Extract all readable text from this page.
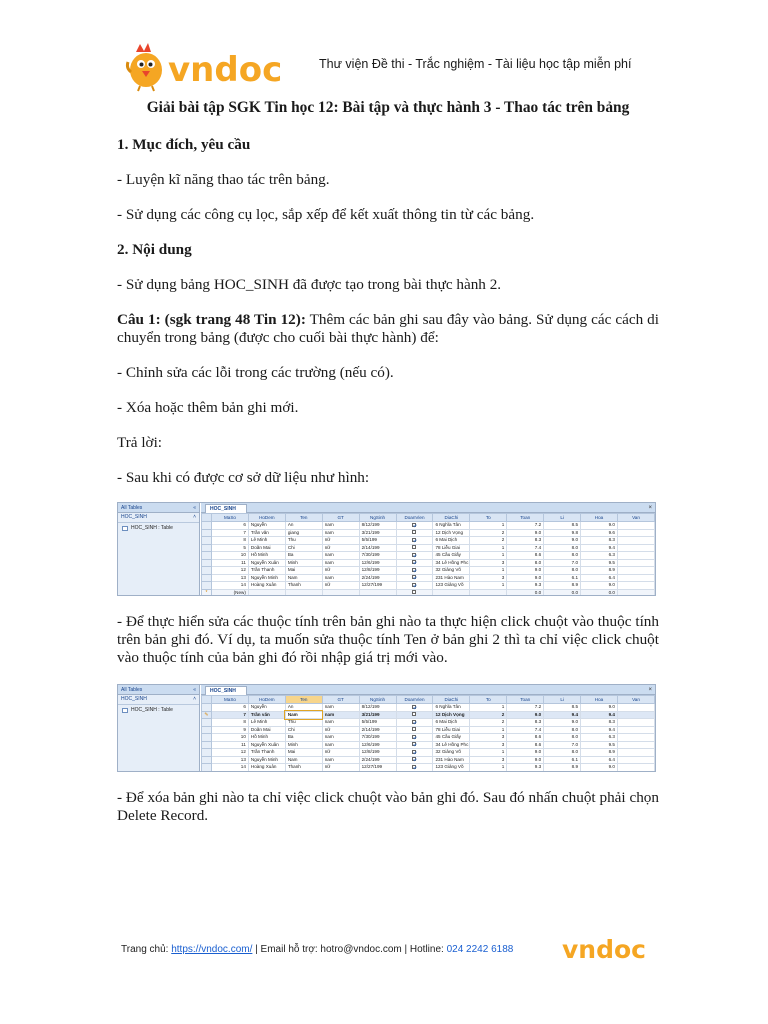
vndoc	Thư viện Đề thi - Trắc nghiệm - Tài liệu học tập miễn phí
Giải bài tập SGK Tin học 12: Bài tập và thực hành 3 - Thao tác trên bảng
1. Mục đích, yêu cầu
- Luyện kĩ năng thao tác trên bảng.
- Sử dụng các công cụ lọc, sắp xếp để kết xuất thông tin từ các bảng.
2. Nội dung
- Sử dụng bảng HOC_SINH đã được tạo trong bài thực hành 2.
Câu 1: (sgk trang 48 Tin 12): Thêm các bản ghi sau đây vào bảng. Sử dụng các cách di chuyển trong bảng (được cho cuối bài thực hành) để:
- Chỉnh sửa các lỗi trong các trường (nếu có).
- Xóa hoặc thêm bản ghi mới.
Trả lời:
- Sau khi có được cơ sở dữ liệu như hình:
All Tables	«
HOC_SINH	˄
HOC_SINH : Table
HOC_SINH	×
	MaSo	HoDem	Ten	GT	NgSinh	DoanVien	DiaChi	To	Toan	Li	Hoa	Van
	6	Nguyễn	An	nam	8/12/199		6 Nghĩa Tân	1	7.2	8.5	9.0	
	7	Trần văn	giang	nam	3/21/199		12 Dịch Vọng	2	9.0	9.8	9.6	
	8	Lê Minh	Thu	nữ	5/5/199		6 Mai Dịch	2	8.3	9.0	8.3	
	5	Doãn Mai	Chi	nữ	2/14/199		78 Liễu Giai	1	7.4	8.0	9.4	
	10	Hồ Minh	Ba	nam	7/30/199		45 Cầu Giấy	1	8.6	8.0	6.3	
	11	Nguyễn Xuân	Minh	nam	12/6/199		34 Lê Hồng Phc	3	8.0	7.0	9.5	
	12	Trần Thanh	Mai	nữ	12/8/199		32 Giảng Võ	1	9.0	8.0	8.9	
	13	Nguyễn Minh	Nam	nam	2/24/199		231 Hào Nam	3	9.0	6.1	6.4	
	14	Hoàng Xuân	Thanh	nữ	12/27/199		123 Giảng Võ	1	9.3	8.9	9.0	
*	(New)								0.0	0.0	0.0	
- Để thực hiển sửa các thuộc tính trên bản ghi nào ta thực hiện click chuột vào thuộc tính trên bản ghi đó. Ví dụ, ta muốn sửa thuộc tính Ten ở bản ghi 2 thì ta chỉ việc click chuột vào thuộc tính của bản ghi đó rồi nhập giá trị mới vào.
All Tables	«
HOC_SINH	˄
HOC_SINH : Table
HOC_SINH	×
	MaSo	HoDem	Ten	GT	NgSinh	DoanVien	DiaChi	To	Toan	Li	Hoa	Van
	6	Nguyễn	An	nam	8/12/199		6 Nghĩa Tân	1	7.2	8.5	9.0	
✎	7	Trần văn	Nam	nam	3/21/199		12 Dịch Vọng	2	9.0	9.4	9.4	
	8	Lê Minh	Thu	nam	5/5/199		6 Mai Dịch	2	8.3	9.0	8.3	
	9	Doãn Mai	Chi	nữ	2/14/199		78 Liễu Giai	1	7.4	8.0	9.4	
	10	Hồ Minh	Ba	nam	7/30/199		45 Cầu Giấy	3	8.6	8.0	6.3	
	11	Nguyễn Xuân	Minh	nam	12/6/199		34 Lê Hồng Phc	3	8.6	7.0	9.5	
	12	Trần Thanh	Mai	nữ	12/8/199		32 Giảng Võ	1	9.0	8.0	8.9	
	13	Nguyễn Minh	Nam	nam	2/24/199		231 Hào Nam	3	9.0	6.1	6.4	
	14	Hoàng Xuân	Thanh	nữ	12/27/199		123 Giảng Võ	1	9.3	8.9	9.0	
- Để xóa bản ghi nào ta chỉ việc click chuột vào bản ghi đó. Sau đó nhấn chuột phải chọn Delete Record.
Trang chủ: https://vndoc.com/ | Email hỗ trợ: hotro@vndoc.com | Hotline: 024 2242 6188 vndoc
